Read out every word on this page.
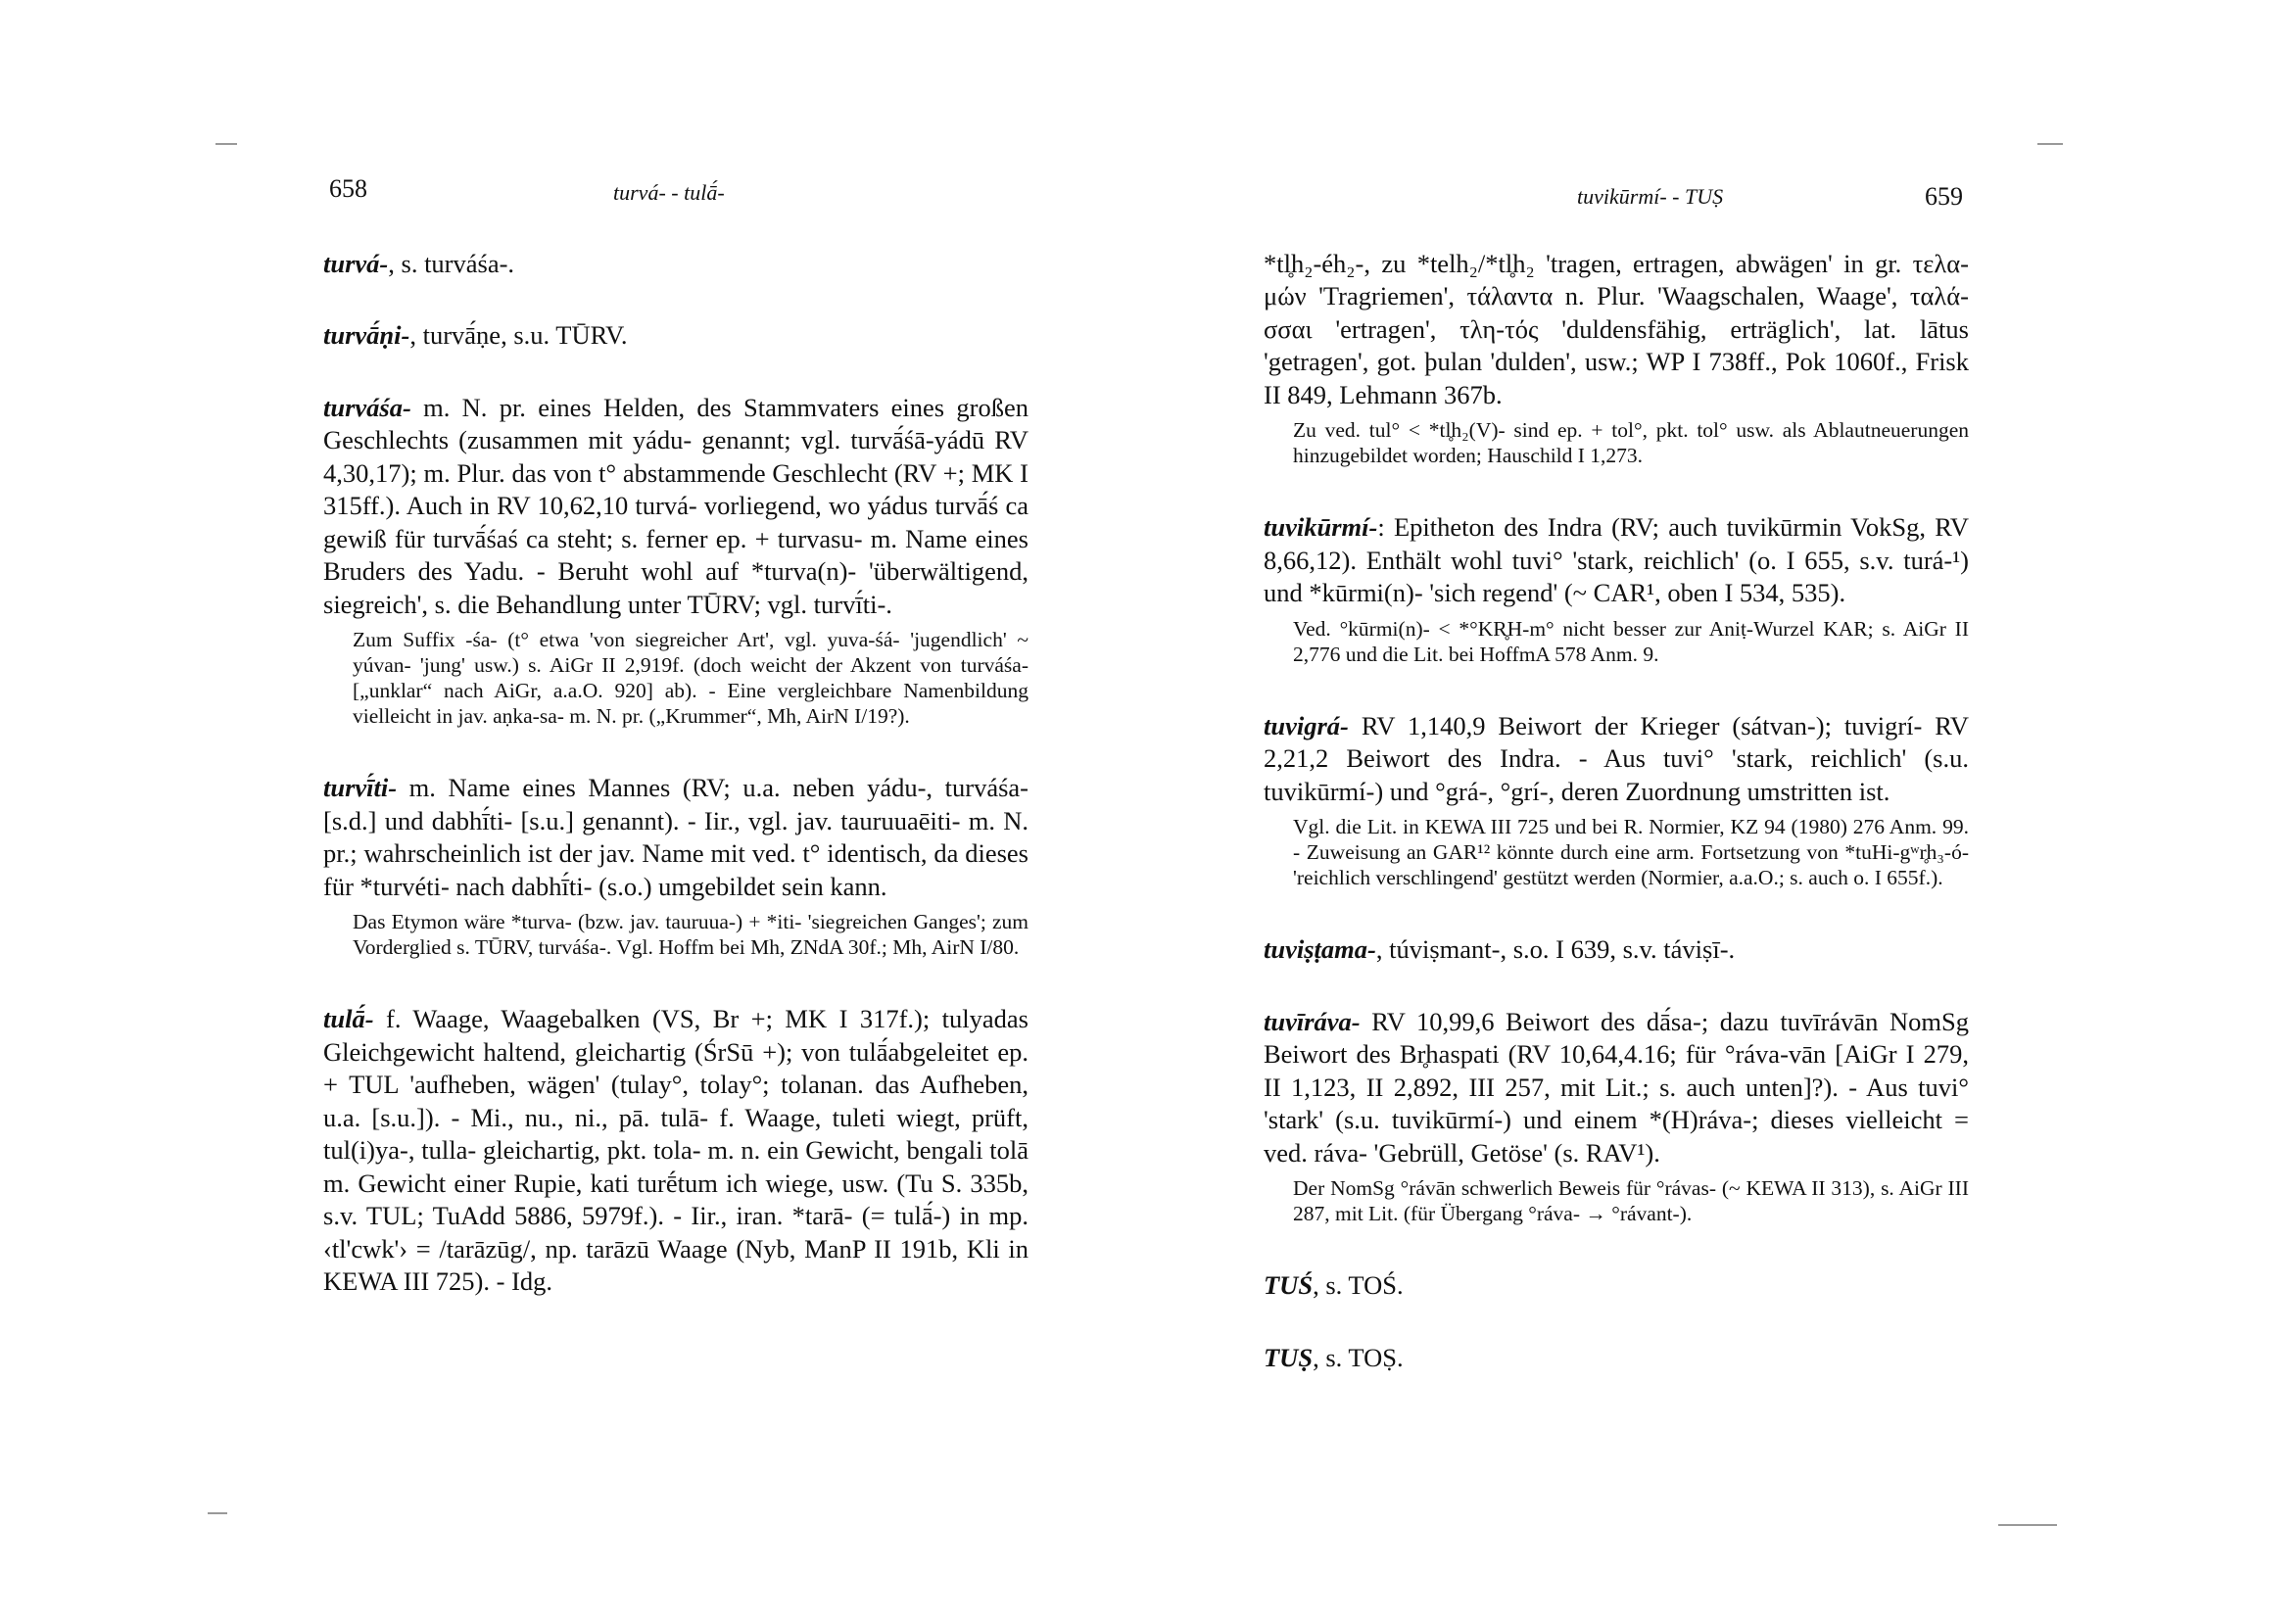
658	turvá- - tulā́-

turvá-, s. turváśa-.

turvā́ṇi-, turvā́ṇe, s.u. TŪRV.

turváśa- m. N. pr. eines Helden, des Stammvaters eines großen Geschlechts (zusammen mit yádu- genannt; vgl. turvā́śā-yádū RV 4,30,17); m. Plur. das von t° abstammende Geschlecht (RV +; MK I 315ff.). Auch in RV 10,62,10 turvá- vorliegend, wo yádus turvā́ś ca gewiß für turvā́śaś ca steht; s. ferner ep. + turvasu- m. Name eines Bruders des Yadu. - Beruht wohl auf *turva(n)- 'überwältigend, siegreich', s. die Behandlung unter TŪRV; vgl. turvī́ti-.

Zum Suffix -śa- (t° etwa 'von siegreicher Art', vgl. yuva-śá- 'jugendlich' ~ yúvan- 'jung' usw.) s. AiGr II 2,919f. (doch weicht der Akzent von turváśa- [„unklar“ nach AiGr, a.a.O. 920] ab). - Eine vergleichbare Namenbildung vielleicht in jav. aṇka-sa- m. N. pr. („Krummer“, Mh, AirN I/19?).

turvī́ti- m. Name eines Mannes (RV; u.a. neben yádu-, turváśa- [s.d.] und dabhī́ti- [s.u.] genannt). - Iir., vgl. jav. tauruuaēiti- m. N. pr.; wahrscheinlich ist der jav. Name mit ved. t° identisch, da dieses für *turvéti- nach dabhī́ti- (s.o.) umgebildet sein kann.

Das Etymon wäre *turva- (bzw. jav. tauruua-) + *iti- 'siegreichen Ganges'; zum Vorderglied s. TŪRV, turváśa-. Vgl. Hoffm bei Mh, ZNdA 30f.; Mh, AirN I/80.

tulā́- f. Waage, Waagebalken (VS, Br +; MK I 317f.); tulyadas Gleichgewicht haltend, gleichartig (ŚrSū +); von tulā́abgeleitet ep. + TUL 'aufheben, wägen' (tulay°, tolay°; tolanan. das Aufheben, u.a. [s.u.]). - Mi., nu., ni., pā. tulā- f. Waage, tuleti wiegt, prüft, tul(i)ya-, tulla- gleichartig, pkt. tola- m. n. ein Gewicht, bengali tolā m. Gewicht einer Rupie, kati turḗtum ich wiege, usw. (Tu S. 335b, s.v. TUL; TuAdd 5886, 5979f.). - Iir., iran. *tarā- (= tulā́-) in mp. ‹tl'cwk'› = /tarāzūg/, np. tarāzū Waage (Nyb, ManP II 191b, Kli in KEWA III 725). - Idg.

tuvikūrmí- - TUṢ	659

*tl̥h₂-éh₂-, zu *telh₂/*tl̥h₂ 'tragen, ertragen, abwägen' in gr. τελα-μών 'Tragriemen', τάλαντα n. Plur. 'Waagschalen, Waage', ταλά-σσαι 'ertragen', τλη-τός 'duldensfähig, erträglich', lat. lātus 'getragen', got. þulan 'dulden', usw.; WP I 738ff., Pok 1060f., Frisk II 849, Lehmann 367b.

Zu ved. tul° < *tl̥h₂(V)- sind ep. + tol°, pkt. tol° usw. als Ablautneuerungen hinzugebildet worden; Hauschild I 1,273.

tuvikūrmí-: Epitheton des Indra (RV; auch tuvikūrmin VokSg, RV 8,66,12). Enthält wohl tuvi° 'stark, reichlich' (o. I 655, s.v. turá-¹) und *kūrmi(n)- 'sich regend' (~ CAR¹, oben I 534, 535).

Ved. °kūrmi(n)- < *°KR̥H-m° nicht besser zur Aniṭ-Wurzel KAR; s. AiGr II 2,776 und die Lit. bei HoffmA 578 Anm. 9.

tuvigrá- RV 1,140,9 Beiwort der Krieger (sátvan-); tuvigrí- RV 2,21,2 Beiwort des Indra. - Aus tuvi° 'stark, reichlich' (s.u. tuvikūrmí-) und °grá-, °grí-, deren Zuordnung umstritten ist.

Vgl. die Lit. in KEWA III 725 und bei R. Normier, KZ 94 (1980) 276 Anm. 99. - Zuweisung an GAR¹² könnte durch eine arm. Fortsetzung von *tuHi-gʷr̥h₃-ó- 'reichlich verschlingend' gestützt werden (Normier, a.a.O.; s. auch o. I 655f.).

tuviṣṭama-, túviṣmant-, s.o. I 639, s.v. táviṣī-.

tuvīráva- RV 10,99,6 Beiwort des dā́sa-; dazu tuvīrávān NomSg Beiwort des Br̥haspati (RV 10,64,4.16; für °ráva-vān [AiGr I 279, II 1,123, II 2,892, III 257, mit Lit.; s. auch unten]?). - Aus tuvi° 'stark' (s.u. tuvikūrmí-) und einem *(H)ráva-; dieses vielleicht = ved. ráva- 'Gebrüll, Getöse' (s. RAV¹).

Der NomSg °rávān schwerlich Beweis für °rávas- (~ KEWA II 313), s. AiGr III 287, mit Lit. (für Übergang °ráva- → °rávant-).

TUŚ, s. TOŚ.

TUṢ, s. TOṢ.
